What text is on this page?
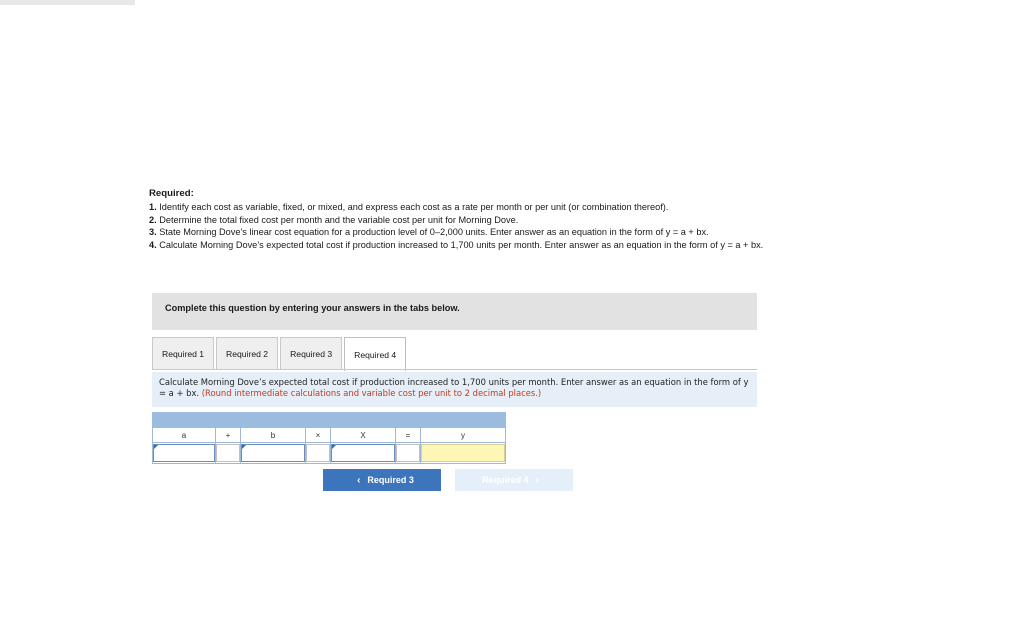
Required:

1. Identify each cost as variable, fixed, or mixed, and express each cost as a rate per month or per unit (or combination thereof).

2. Determine the total fixed cost per month and the variable cost per unit for Morning Dove.

3. State Morning Dove’s linear cost equation for a production level of 0–2,000 units. Enter answer as an equation in the form of y = a + bx.

4. Calculate Morning Dove’s expected total cost if production increased to 1,700 units per month. Enter answer as an equation in the form of y = a + bx.

Complete this question by entering your answers in the tabs below.
Required 1	Required 2	Required 3	Required 4
Calculate Morning Dove’s expected total cost if production increased to 1,700 units per month. Enter answer as an equation in the form of y = a + bx. (Round intermediate calculations and variable cost per unit to 2 decimal places.)

a	+	b	×	X	=	y

‹ Required 3	Required 4 ›
